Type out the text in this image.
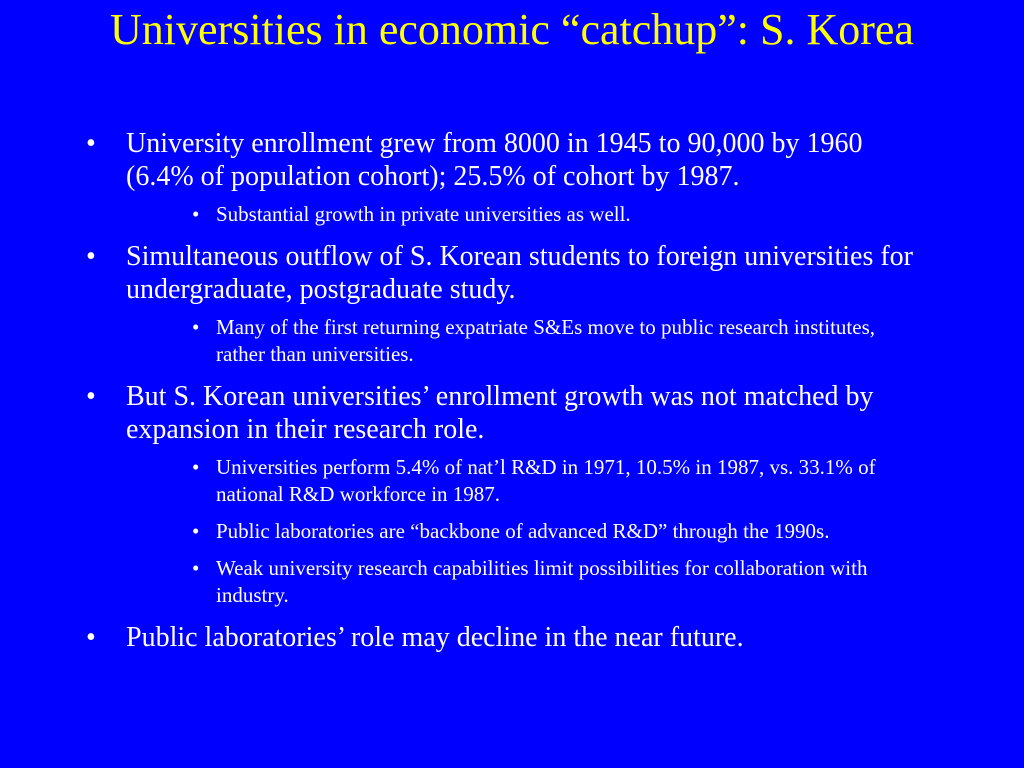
Universities in economic “catchup”: S. Korea
• University enrollment grew from 8000 in 1945 to 90,000 by 1960 (6.4% of population cohort); 25.5% of cohort by 1987.
• Substantial growth in private universities as well.
• Simultaneous outflow of S. Korean students to foreign universities for undergraduate, postgraduate study.
• Many of the first returning expatriate S&Es move to public research institutes, rather than universities.
• But S. Korean universities’ enrollment growth was not matched by expansion in their research role.
• Universities perform 5.4% of nat’l R&D in 1971, 10.5% in 1987, vs. 33.1% of national R&D workforce in 1987.
• Public laboratories are “backbone of advanced R&D” through the 1990s.
• Weak university research capabilities limit possibilities for collaboration with industry.
• Public laboratories’ role may decline in the near future.
